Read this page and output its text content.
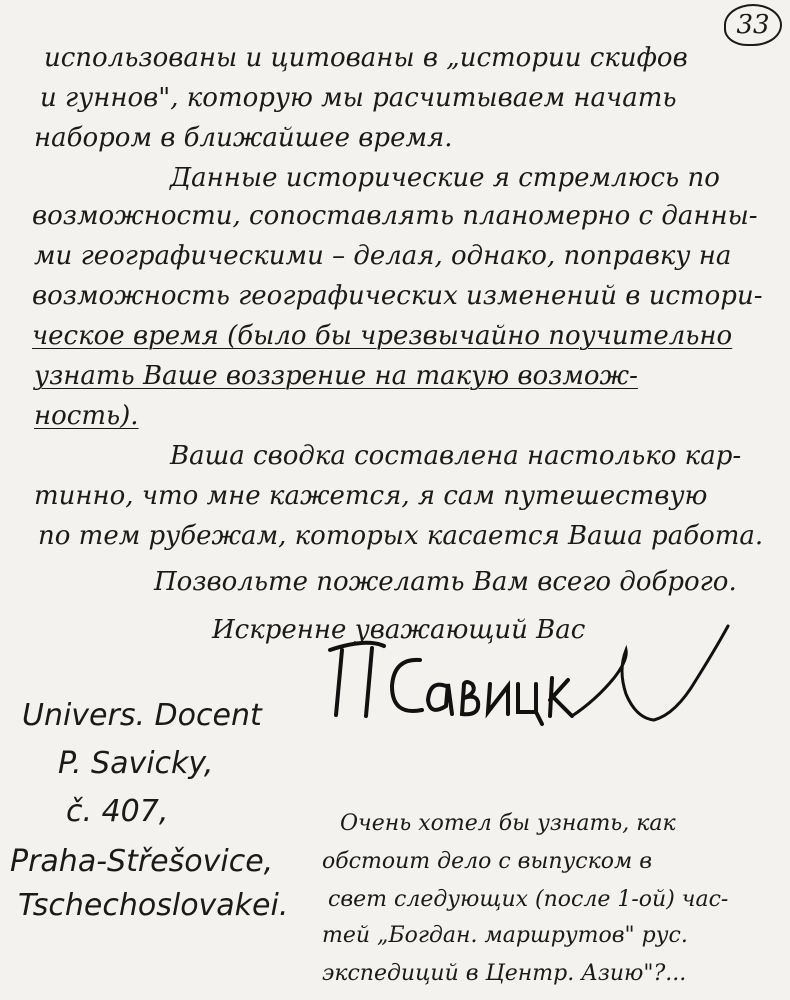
33
использованы и цитованы в „истории скифов
и гуннов", которую мы расчитываем начать
набором в ближайшее время.
Данные исторические я стремлюсь по
возможности, сопоставлять планомерно с данны-
ми географическими – делая, однако, поправку на
возможность географических изменений в истори-
ческое время (было бы чрезвычайно поучительно
узнать Ваше воззрение на такую возмож-
ность).
Ваша сводка составлена настолько кар-
тинно, что мне кажется, я сам путешествую
по тем рубежам, которых касается Ваша работа.
Позвольте пожелать Вам всего доброго.
Искренне уважающий Вас
Univers. Docent
P. Savicky,
č. 407,
Praha-Střešovice,
Tschechoslovakei.
Очень хотел бы узнать, как
обстоит дело с выпуском в
свет следующих (после 1-ой) час-
тей „Богдан. маршрутов" рус.
экспедиций в Центр. Азию"?...
